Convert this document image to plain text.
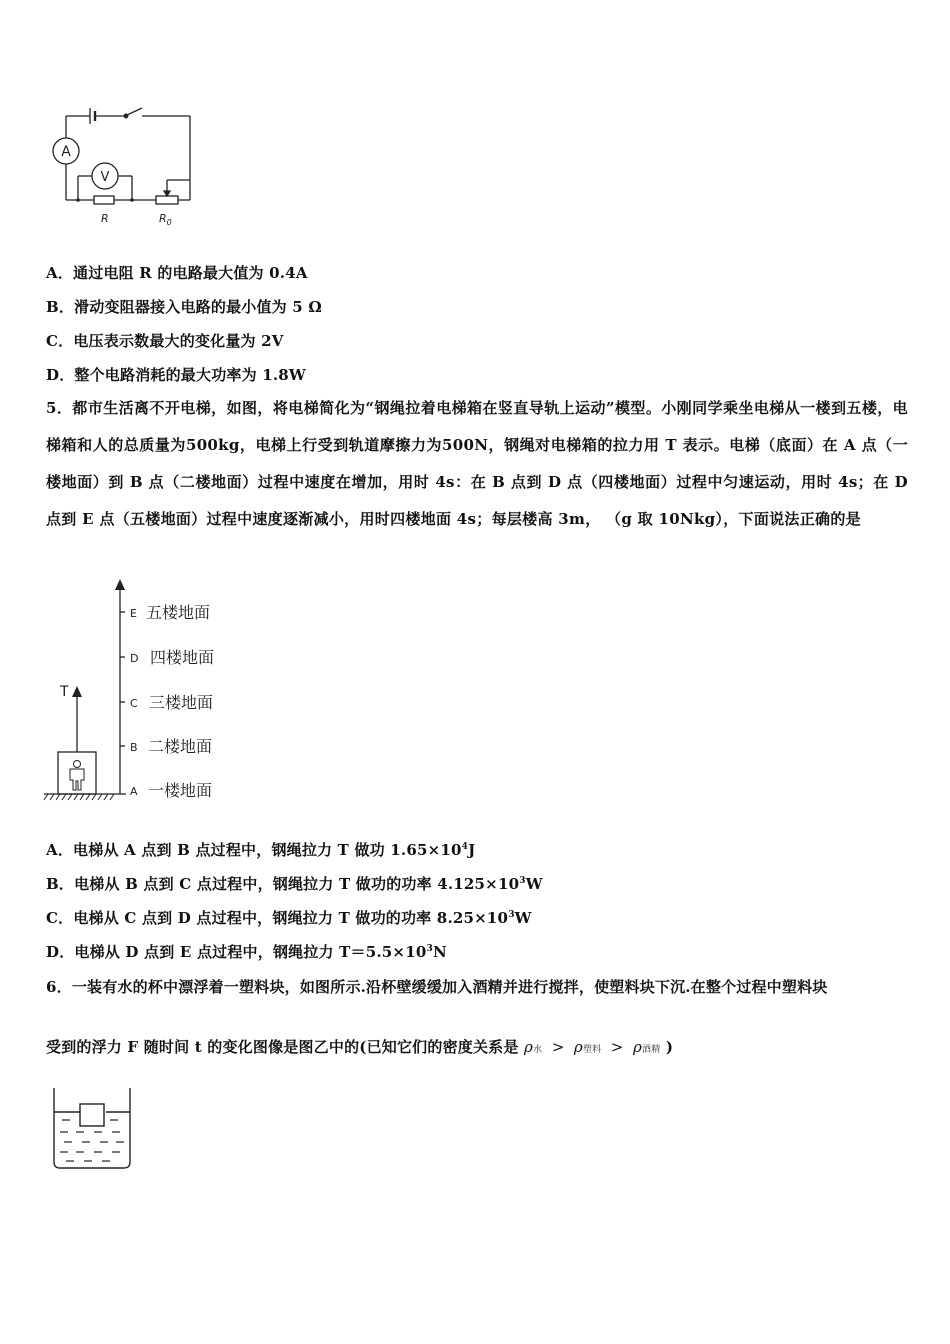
A
V
R	$R_0$
A．通过电阻 R 的电路最大值为 0.4A
B．滑动变阻器接入电路的最小值为 5 Ω
C．电压表示数最大的变化量为 2V
D．整个电路消耗的最大功率为 1.8W
5．都市生活离不开电梯，如图，将电梯简化为“钢绳拉着电梯箱在竖直导轨上运动”模型。小刚同学乘坐电梯从一楼到五楼，电梯箱和人的总质量为500kg，电梯上行受到轨道摩擦力为500N，钢绳对电梯箱的拉力用 T 表示。电梯（底面）在 A 点（一楼地面）到 B 点（二楼地面）过程中速度在增加，用时 4s：在 B 点到 D 点（四楼地面）过程中匀速运动，用时 4s；在 D 点到 E 点（五楼地面）过程中速度逐渐减小，用时四楼地面 4s；每层楼高 3m， （g 取 10Nkg），下面说法正确的是
T
E 五楼地面
D 四楼地面
C 三楼地面
B 二楼地面
A 一楼地面
A．电梯从 A 点到 B 点过程中，钢绳拉力 T 做功 $1.65\times 10^4J$
B．电梯从 B 点到 C 点过程中，钢绳拉力 T 做功的功率 $4.125\times 10^3W$
C．电梯从 C 点到 D 点过程中，钢绳拉力 T 做功的功率 $8.25\times 10^3W$
D．电梯从 D 点到 E 点过程中，钢绳拉力 $T=5.5\times 10^3N$
6．一装有水的杯中漂浮着一塑料块，如图所示.沿杯壁缓缓加入酒精并进行搅拌，使塑料块下沉.在整个过程中塑料块
受到的浮力 F 随时间 t 的变化图像是图乙中的(已知它们的密度关系是 ρ水 > ρ塑料 > ρ酒精 )
